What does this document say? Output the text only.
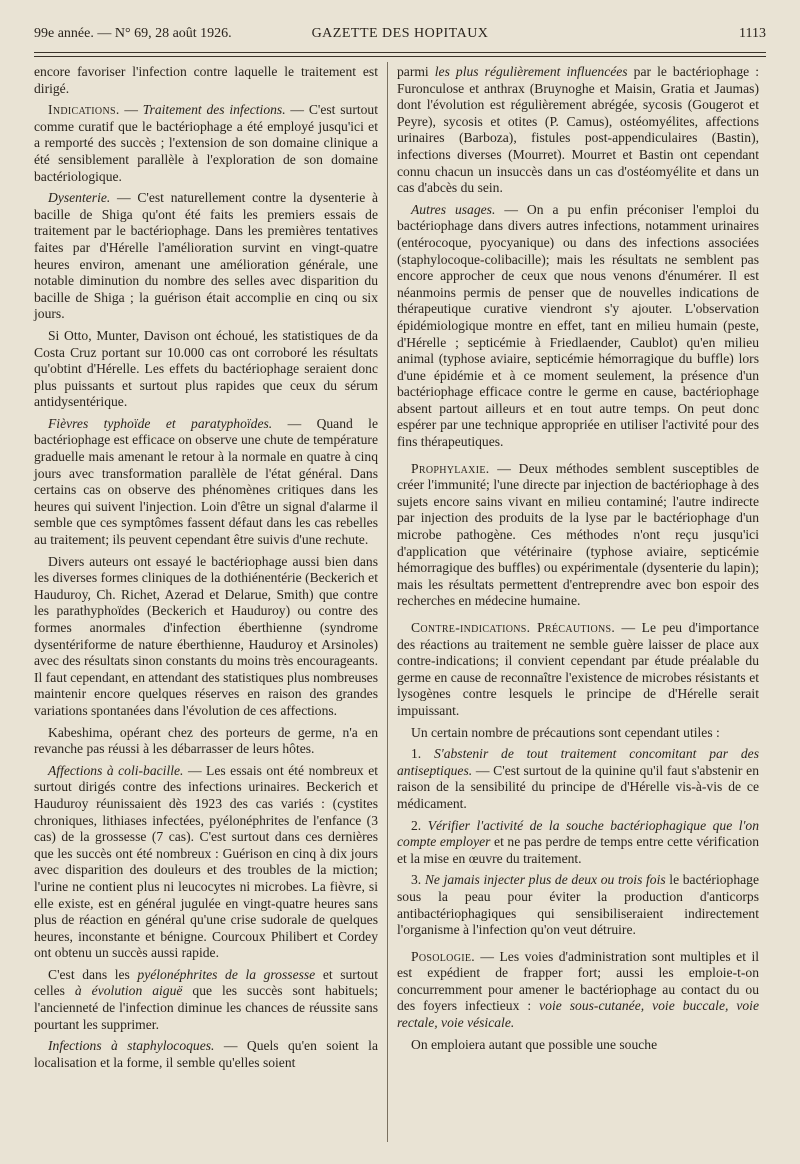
99e année. — N° 69, 28 août 1926.	GAZETTE DES HOPITAUX	1113

encore favoriser l'infection contre laquelle le traitement est dirigé.

Indications. — Traitement des infections. — C'est surtout comme curatif que le bactériophage a été employé jusqu'ici et a remporté des succès ; l'extension de son domaine clinique a été sensiblement parallèle à l'exploration de son domaine bactériologique.

Dysenterie. — C'est naturellement contre la dysenterie à bacille de Shiga qu'ont été faits les premiers essais de traitement par le bactériophage. Dans les premières tentatives faites par d'Hérelle l'amélioration survint en vingt-quatre heures environ, amenant une amélioration générale, une notable diminution du nombre des selles avec disparition du bacille de Shiga ; la guérison était accomplie en cinq ou six jours.

Si Otto, Munter, Davison ont échoué, les statistiques de da Costa Cruz portant sur 10.000 cas ont corroboré les résultats qu'obtint d'Hérelle. Les effets du bactériophage seraient donc plus puissants et surtout plus rapides que ceux du sérum antidysentérique.

Fièvres typhoïde et paratyphoïdes. — Quand le bactériophage est efficace on observe une chute de température graduelle mais amenant le retour à la normale en quatre à cinq jours avec transformation parallèle de l'état général. Dans certains cas on observe des phénomènes critiques dans les heures qui suivent l'injection. Loin d'être un signal d'alarme il semble que ces symptômes fassent défaut dans les cas rebelles au traitement; ils peuvent cependant être suivis d'une rechute.

Divers auteurs ont essayé le bactériophage aussi bien dans les diverses formes cliniques de la dothiénentérie (Beckerich et Hauduroy, Ch. Richet, Azerad et Delarue, Smith) que contre les parathyphoïdes (Beckerich et Hauduroy) ou contre des formes anormales d'infection éberthienne (syndrome dysentériforme de nature éberthienne, Hauduroy et Arsinoles) avec des résultats sinon constants du moins très encourageants. Il faut cependant, en attendant des statistiques plus nombreuses maintenir encore quelques réserves en raison des grandes variations spontanées dans l'évolution de ces affections.

Kabeshima, opérant chez des porteurs de germe, n'a en revanche pas réussi à les débarrasser de leurs hôtes.

Affections à coli-bacille. — Les essais ont été nombreux et surtout dirigés contre des infections urinaires. Beckerich et Hauduroy réunissaient dès 1923 des cas variés : (cystites chroniques, lithiases infectées, pyélonéphrites de l'enfance (3 cas) de la grossesse (7 cas). C'est surtout dans ces dernières que les succès ont été nombreux : Guérison en cinq à dix jours avec disparition des douleurs et des troubles de la miction; l'urine ne contient plus ni leucocytes ni microbes. La fièvre, si elle existe, est en général jugulée en vingt-quatre heures sans plus de réaction en général qu'une crise sudorale de quelques heures, inconstante et bénigne. Courcoux Philibert et Cordey ont obtenu un succès aussi rapide.

C'est dans les pyélonéphrites de la grossesse et surtout celles à évolution aiguë que les succès sont habituels; l'ancienneté de l'infection diminue les chances de réussite sans pourtant les supprimer.

Infections à staphylocoques. — Quels qu'en soient la localisation et la forme, il semble qu'elles soient

parmi les plus régulièrement influencées par le bactériophage : Furonculose et anthrax (Bruynoghe et Maisin, Gratia et Jaumas) dont l'évolution est régulièrement abrégée, sycosis (Gougerot et Peyre), sycosis et otites (P. Camus), ostéomyélites, affections urinaires (Barboza), fistules post-appendiculaires (Bastin), infections diverses (Mourret). Mourret et Bastin ont cependant connu chacun un insuccès dans un cas d'ostéomyélite et dans un cas d'abcès du sein.

Autres usages. — On a pu enfin préconiser l'emploi du bactériophage dans divers autres infections, notamment urinaires (entérocoque, pyocyanique) ou dans des infections associées (staphylocoque-colibacille); mais les résultats ne semblent pas encore approcher de ceux que nous venons d'énumérer. Il est néanmoins permis de penser que de nouvelles indications de thérapeutique curative viendront s'y ajouter. L'observation épidémiologique montre en effet, tant en milieu humain (peste, d'Hérelle ; septicémie à Friedlaender, Caublot) qu'en milieu animal (typhose aviaire, septicémie hémorragique du buffle) lors d'une épidémie et à ce moment seulement, la présence d'un bactériophage efficace contre le germe en cause, bactériophage absent partout ailleurs et en tout autre temps. On peut donc espérer par une technique appropriée en utiliser l'activité pour des fins thérapeutiques.

Prophylaxie. — Deux méthodes semblent susceptibles de créer l'immunité; l'une directe par injection de bactériophage à des sujets encore sains vivant en milieu contaminé; l'autre indirecte par injection des produits de la lyse par le bactériophage d'un microbe pathogène. Ces méthodes n'ont reçu jusqu'ici d'application que vétérinaire (typhose aviaire, septicémie hémorragique des buffles) ou expérimentale (dysenterie du lapin); mais les résultats permettent d'entreprendre avec bon espoir des recherches en médecine humaine.

Contre-indications. Précautions. — Le peu d'importance des réactions au traitement ne semble guère laisser de place aux contre-indications; il convient cependant par étude préalable du germe en cause de reconnaître l'existence de microbes résistants et lysogènes contre lesquels le principe de d'Hérelle serait impuissant.

Un certain nombre de précautions sont cependant utiles :

1. S'abstenir de tout traitement concomitant par des antiseptiques. — C'est surtout de la quinine qu'il faut s'abstenir en raison de la sensibilité du principe de d'Hérelle vis-à-vis de ce médicament.

2. Vérifier l'activité de la souche bactériophagique que l'on compte employer et ne pas perdre de temps entre cette vérification et la mise en œuvre du traitement.

3. Ne jamais injecter plus de deux ou trois fois le bactériophage sous la peau pour éviter la production d'anticorps antibactériophagiques qui sensibiliseraient indirectement l'organisme à l'infection qu'on veut détruire.

Posologie. — Les voies d'administration sont multiples et il est expédient de frapper fort; aussi les emploie-t-on concurremment pour amener le bactériophage au contact du ou des foyers infectieux : voie sous-cutanée, voie buccale, voie rectale, voie vésicale.

On emploiera autant que possible une souche
